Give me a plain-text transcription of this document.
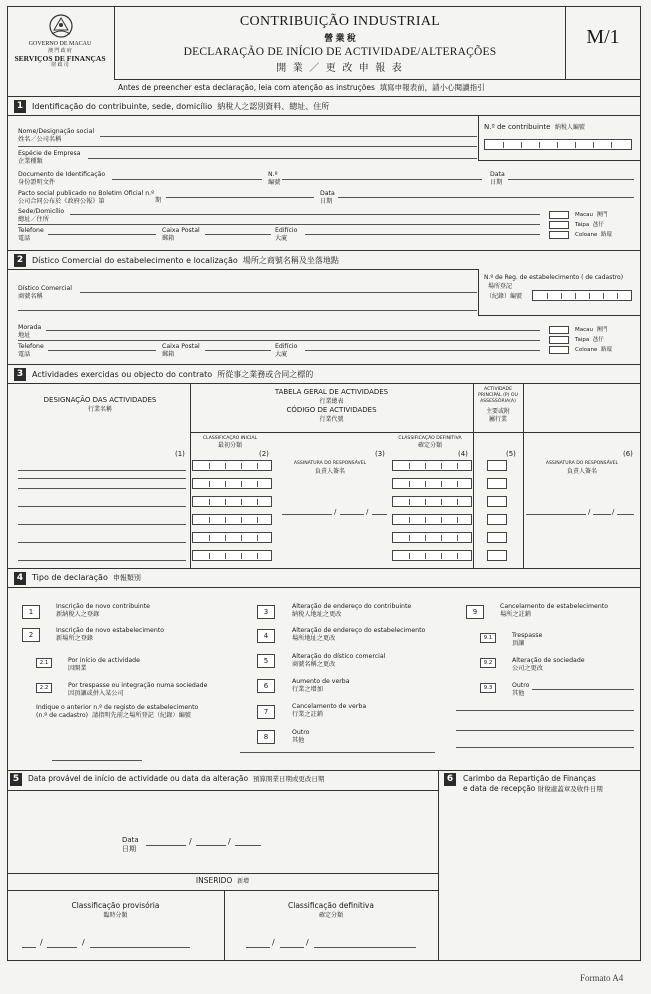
GOVERNO DE MACAU
澳 門 政 府
SERVIÇOS DE FINANÇAS
財 政 司
CONTRIBUIÇÃO INDUSTRIAL
營 業 稅
DECLARAÇÃO DE INÍCIO DE ACTIVIDADE/ALTERAÇÕES
開 業 ／ 更 改 申 報 表
M/1
Antes de preencher esta declaração, leia com atenção as instruções 填寫申報表前，請小心閱讀指引
1	Identificação do contribuinte, sede, domicílio 納稅人之認別資料、總址、住所
Nome/Designação social
姓名／公司名稱
N.º de contribuinte 納稅人編號
Espécie de Empresa
企業種類
Documento de Identificação
身份證明文件
N.º
編號
Data
日期
Pacto social publicado no Boletim Oficial n.º
公司合同公布於《政府公報》第	期
Data
日期
Sede/Domicílio
總址／住所
Telefone
電話
Caixa Postal
郵箱
Edifício
大廈
Macau 澳門
Taipa 氹仔
Coloane 路環
2	Dístico Comercial do estabelecimento e localização 場所之商號名稱及坐落地點
N.º de Reg. de estabelecimento ( de cadastro)
場所登記
（紀錄）編號
Dístico Comercial
商號名稱
Morada
地址
Telefone
電話
Caixa Postal
郵箱
Edifício
大廈
Macau 澳門
Taipa 氹仔
Coloane 路環
3	Actividades exercidas ou objecto do contrato 所從事之業務或合同之標的
DESIGNAÇÃO DAS ACTIVIDADES
行業名稱
TABELA GERAL DE ACTIVIDADES
行業總表
CÓDIGO DE ACTIVIDADES
行業代號
ACTIVIDADE PRINCIPAL (P) OU ASSESSÓRIA(A)
主要或附
屬行業
CLASSIFICAÇÃO INICIAL
最初分類
CLASSIFICAÇÃO DEFINITIVA
確定分類
ASSINATURA DO RESPONSÁVEL
負責人簽名
ASSINATURA DO RESPONSÁVEL
負責人簽名
(1)	(2)	(3)	(4)	(5)	(6)
/	/	/	/
4	Tipo de declaração 申報類別
1
Inscrição de novo contribuinte
新納稅人之登錄
2
Inscrição de novo estabelecimento
新場所之登錄
2.1	Por início de actividade
因開業
2.2	Por trespasse ou integração numa sociedade
因頂讓或併入某公司
Indique o anterior n.º de registo de estabelecimento
(n.º de cadastro) 請指明先前之場所登記（紀錄）編號
3
Alteração de endereço do contribuinte
納稅人地址之更改
4
Alteração de endereço do estabelecimento
場所地址之更改
5
Alteração do dístico comercial
商號名稱之更改
6
Aumento de verba
行業之增加
7
Cancelamento de verba
行業之註銷
8
Outro
其他
9
Cancelamento de estabelecimento
場所之註銷
9.1	Trespasse
頂讓
9.2	Alteração de sociedade
公司之更改
9.3	Outro
其他
5	Data provável de início de actividade ou data da alteração 預算開業日期或更改日期
Data
日期
/	/
INSERIDO 新增
Classificação provisória
臨時分類
/	/
Classificação definitiva
確定分類
/	/
6	Carimbo da Repartição de Finanças
e data de recepção 財稅處蓋章及收件日期
Formato A4
